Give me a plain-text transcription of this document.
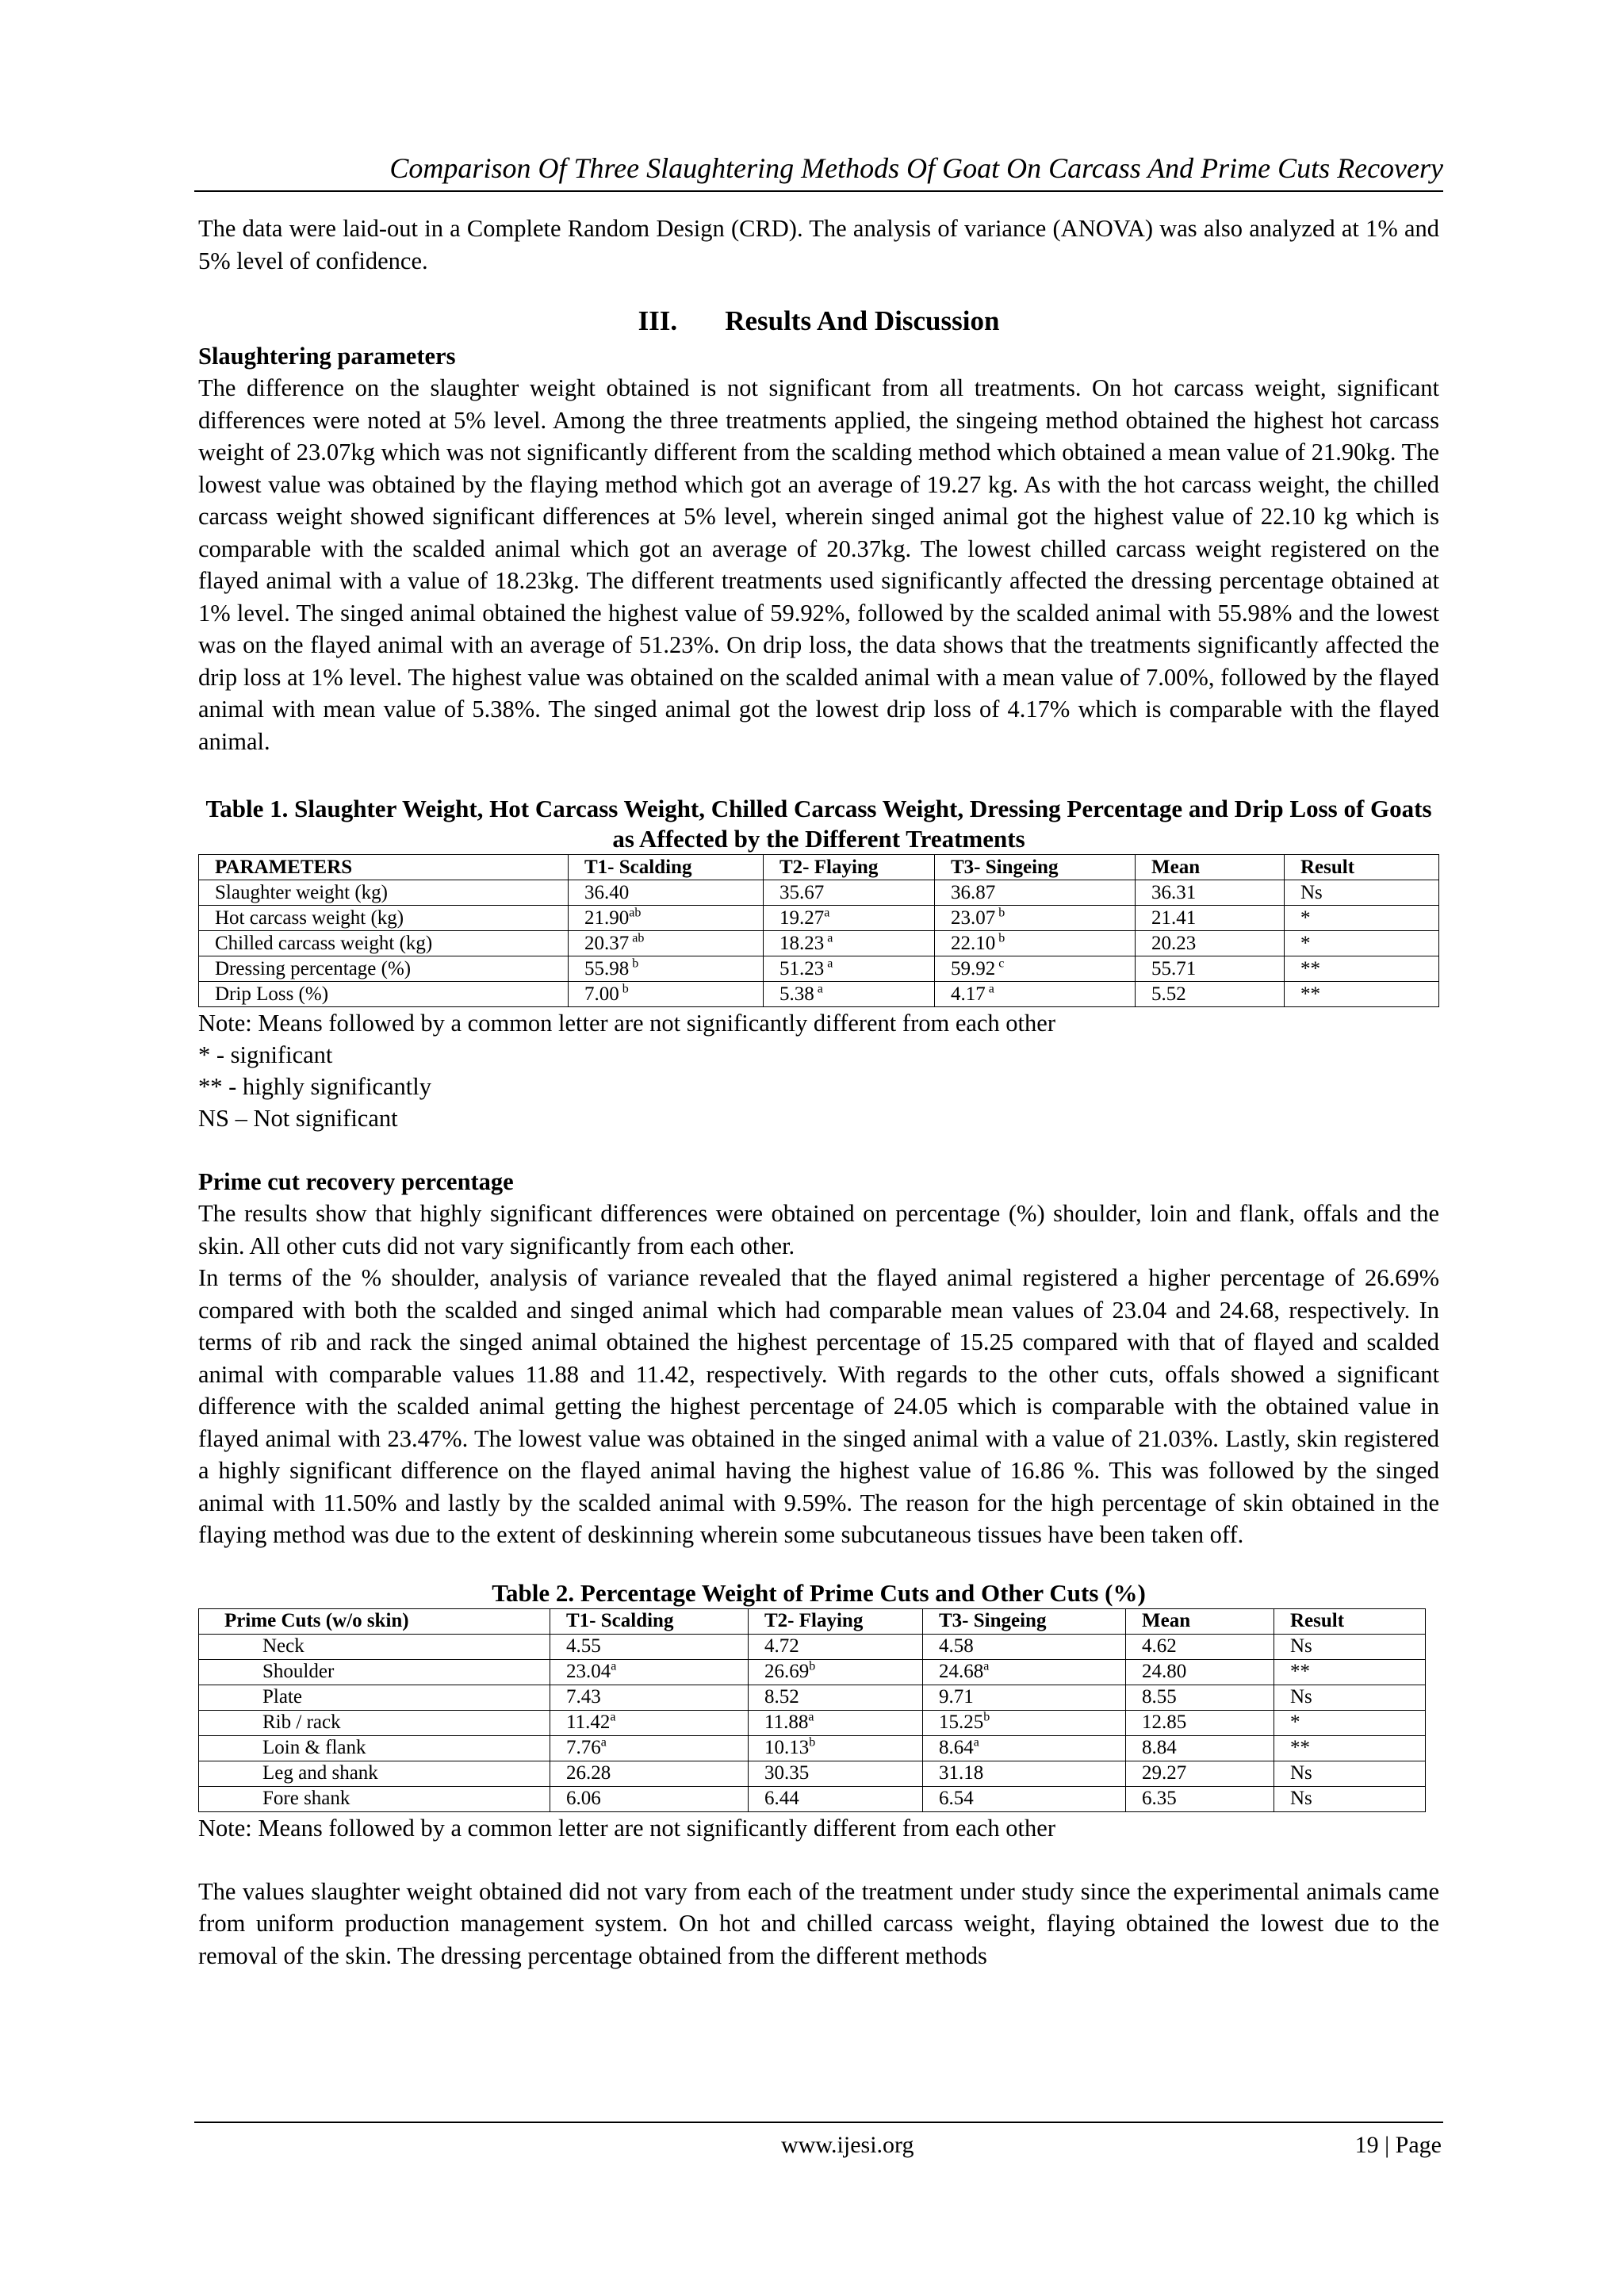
Comparison Of Three Slaughtering Methods Of Goat On Carcass And Prime Cuts Recovery

The data were laid-out in a Complete Random Design (CRD). The analysis of variance (ANOVA) was also analyzed at 1% and 5% level of confidence.

III. Results And Discussion
Slaughtering parameters

The difference on the slaughter weight obtained is not significant from all treatments. On hot carcass weight, significant differences were noted at 5% level. Among the three treatments applied, the singeing method obtained the highest hot carcass weight of 23.07kg which was not significantly different from the scalding method which obtained a mean value of 21.90kg. The lowest value was obtained by the flaying method which got an average of 19.27 kg. As with the hot carcass weight, the chilled carcass weight showed significant differences at 5% level, wherein singed animal got the highest value of 22.10 kg which is comparable with the scalded animal which got an average of 20.37kg. The lowest chilled carcass weight registered on the flayed animal with a value of 18.23kg. The different treatments used significantly affected the dressing percentage obtained at 1% level. The singed animal obtained the highest value of 59.92%, followed by the scalded animal with 55.98% and the lowest was on the flayed animal with an average of 51.23%. On drip loss, the data shows that the treatments significantly affected the drip loss at 1% level. The highest value was obtained on the scalded animal with a mean value of 7.00%, followed by the flayed animal with mean value of 5.38%. The singed animal got the lowest drip loss of 4.17% which is comparable with the flayed animal.

Table 1. Slaughter Weight, Hot Carcass Weight, Chilled Carcass Weight, Dressing Percentage and Drip Loss of Goats as Affected by the Different Treatments

PARAMETERS	T1- Scalding	T2- Flaying	T3- Singeing	Mean	Result
Slaughter weight (kg)	36.40	35.67	36.87	36.31	Ns
Hot carcass weight (kg)	21.90$^{ab}$	19.27$^a$	23.07 $^b$	21.41	*
Chilled carcass weight (kg)	20.37 $^{ab}$	18.23 $^a$	22.10 $^b$	20.23	*
Dressing percentage (%)	55.98 $^b$	51.23 $^a$	59.92 $^c$	55.71	**
Drip Loss (%)	7.00 $^b$	5.38 $^a$	4.17 $^a$	5.52	**
Note: Means followed by a common letter are not significantly different from each other
* - significant
** - highly significantly
NS – Not significant
Prime cut recovery percentage

The results show that highly significant differences were obtained on percentage (%) shoulder, loin and flank, offals and the skin. All other cuts did not vary significantly from each other.

In terms of the % shoulder, analysis of variance revealed that the flayed animal registered a higher percentage of 26.69% compared with both the scalded and singed animal which had comparable mean values of 23.04 and 24.68, respectively. In terms of rib and rack the singed animal obtained the highest percentage of 15.25 compared with that of flayed and scalded animal with comparable values 11.88 and 11.42, respectively. With regards to the other cuts, offals showed a significant difference with the scalded animal getting the highest percentage of 24.05 which is comparable with the obtained value in flayed animal with 23.47%. The lowest value was obtained in the singed animal with a value of 21.03%. Lastly, skin registered a highly significant difference on the flayed animal having the highest value of 16.86 %. This was followed by the singed animal with 11.50% and lastly by the scalded animal with 9.59%. The reason for the high percentage of skin obtained in the flaying method was due to the extent of deskinning wherein some subcutaneous tissues have been taken off.

Table 2. Percentage Weight of Prime Cuts and Other Cuts (%)

Prime Cuts (w/o skin)	T1- Scalding	T2- Flaying	T3- Singeing	Mean	Result
Neck	4.55	4.72	4.58	4.62	Ns
Shoulder	23.04$^a$	26.69$^b$	24.68$^a$	24.80	**
Plate	7.43	8.52	9.71	8.55	Ns
Rib / rack	11.42$^a$	11.88$^a$	15.25$^b$	12.85	*
Loin & flank	7.76$^a$	10.13$^b$	8.64$^a$	8.84	**
Leg and shank	26.28	30.35	31.18	29.27	Ns
Fore shank	6.06	6.44	6.54	6.35	Ns
Note: Means followed by a common letter are not significantly different from each other

The values slaughter weight obtained did not vary from each of the treatment under study since the experimental animals came from uniform production management system. On hot and chilled carcass weight, flaying obtained the lowest due to the removal of the skin. The dressing percentage obtained from the different methods

www.ijesi.org	19 | Page
